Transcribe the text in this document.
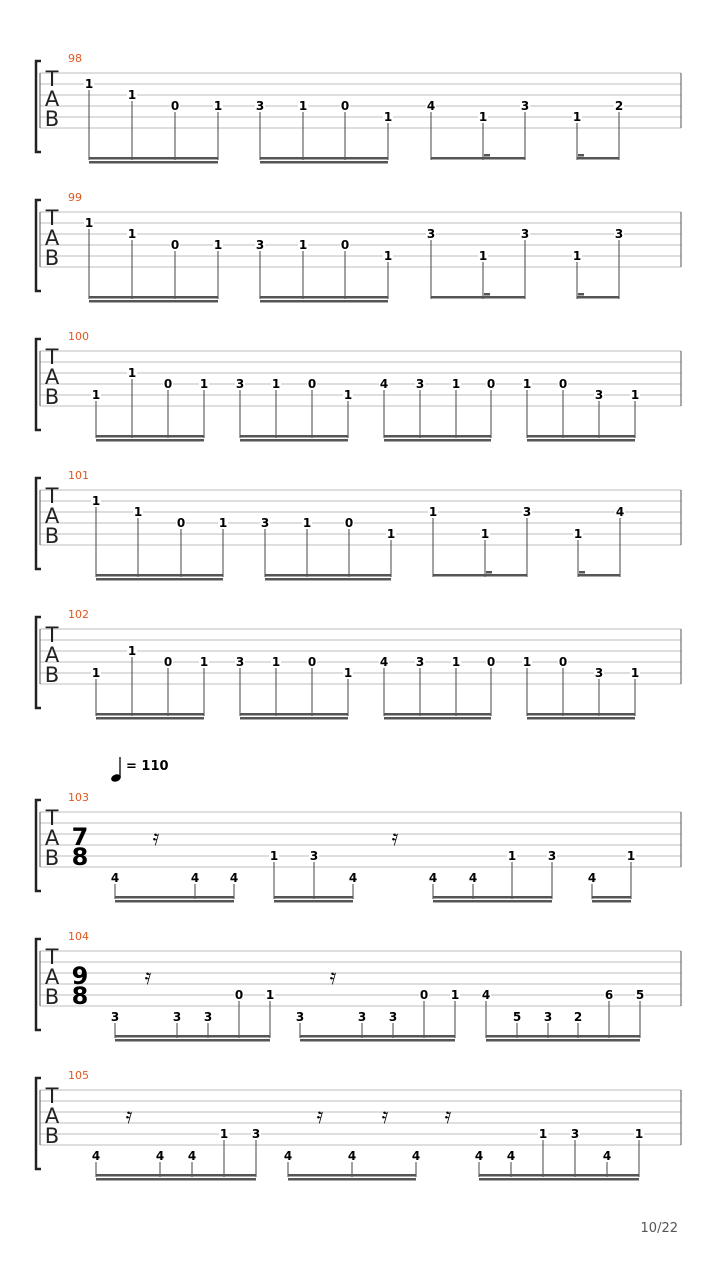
T
A
B
98
1
1
0	1	3	1	0
1
4
1
3
1
2
T
A
B
99
1
1
0	1	3	1	0
1
3
1
3
1
3
T
A
B
100
1
1
0 1 3 1 0
1
4 3 1 0 1 0
3 1
T
A
B
101
1
1
0	1	3	1	0
1
1
1
3
1
4
T
A
B
102
1
1
0 1 3 1 0
1
4 3 1 0 1 0
3 1
T
A
B
103
7
8
4	4	4
1	3
4	4	4
1	3
4
1
𝄿	𝄿
T
A
B
104
9
8
3	3 3
0 1
3	3 3
0 1 4
5 3 2
6 5
𝄿	𝄿
T
A
B
105
4	4 4
1 3
4	4	4	4 4
1 3
4
1
𝄿	𝄿	𝄿	𝄿
= 110
10/22
